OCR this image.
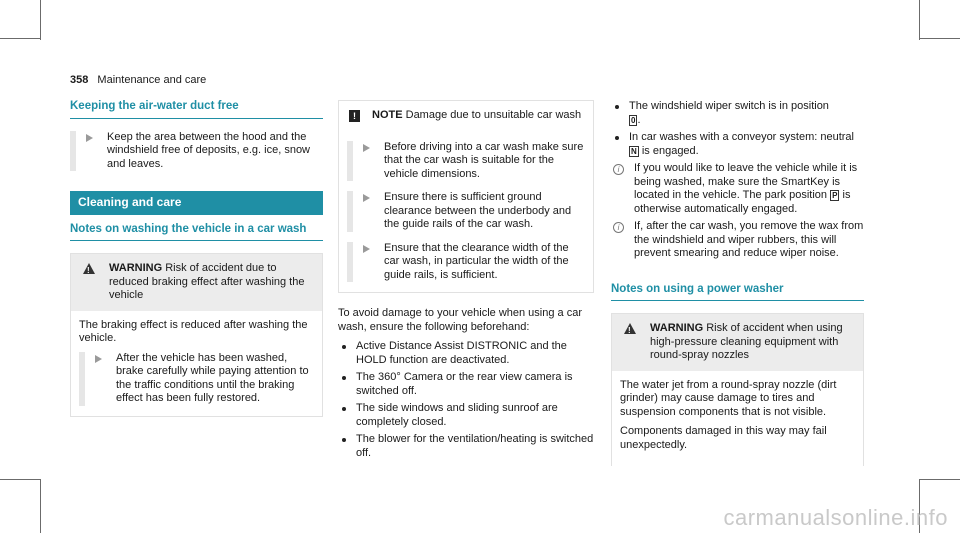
358 Maintenance and care
Keeping the air-water duct free
Keep the area between the hood and the windshield free of deposits, e.g. ice, snow and leaves.
Cleaning and care
Notes on washing the vehicle in a car wash
!
WARNING Risk of accident due to reduced braking effect after washing the vehicle

The braking effect is reduced after washing the vehicle.

After the vehicle has been washed, brake carefully while paying attention to the traffic conditions until the braking effect has been fully restored.
!	NOTE Damage due to unsuitable car wash
Before driving into a car wash make sure that the car wash is suitable for the vehicle dimensions.
Ensure there is sufficient ground clearance between the underbody and the guide rails of the car wash.
Ensure that the clearance width of the car wash, in particular the width of the guide rails, is sufficient.

To avoid damage to your vehicle when using a car wash, ensure the following beforehand:

Active Distance Assist DISTRONIC and the HOLD function are deactivated.
The 360° Camera or the rear view camera is switched off.
The side windows and sliding sunroof are completely closed.
The blower for the ventilation/heating is switched off.
The windshield wiper switch is in position
0 .
In car washes with a conveyor system: neutral N is engaged.
i	If you would like to leave the vehicle while it is being washed, make sure the SmartKey is located in the vehicle. The park position P is otherwise automatically engaged.
i	If, after the car wash, you remove the wax from the windshield and wiper rubbers, this will prevent smearing and reduce wiper noise.
Notes on using a power washer
!
WARNING Risk of accident when using high-pressure cleaning equipment with round-spray nozzles

The water jet from a round-spray nozzle (dirt grinder) may cause damage to tires and suspension components that is not visible.

Components damaged in this way may fail unexpectedly.

carmanualsonline.info
